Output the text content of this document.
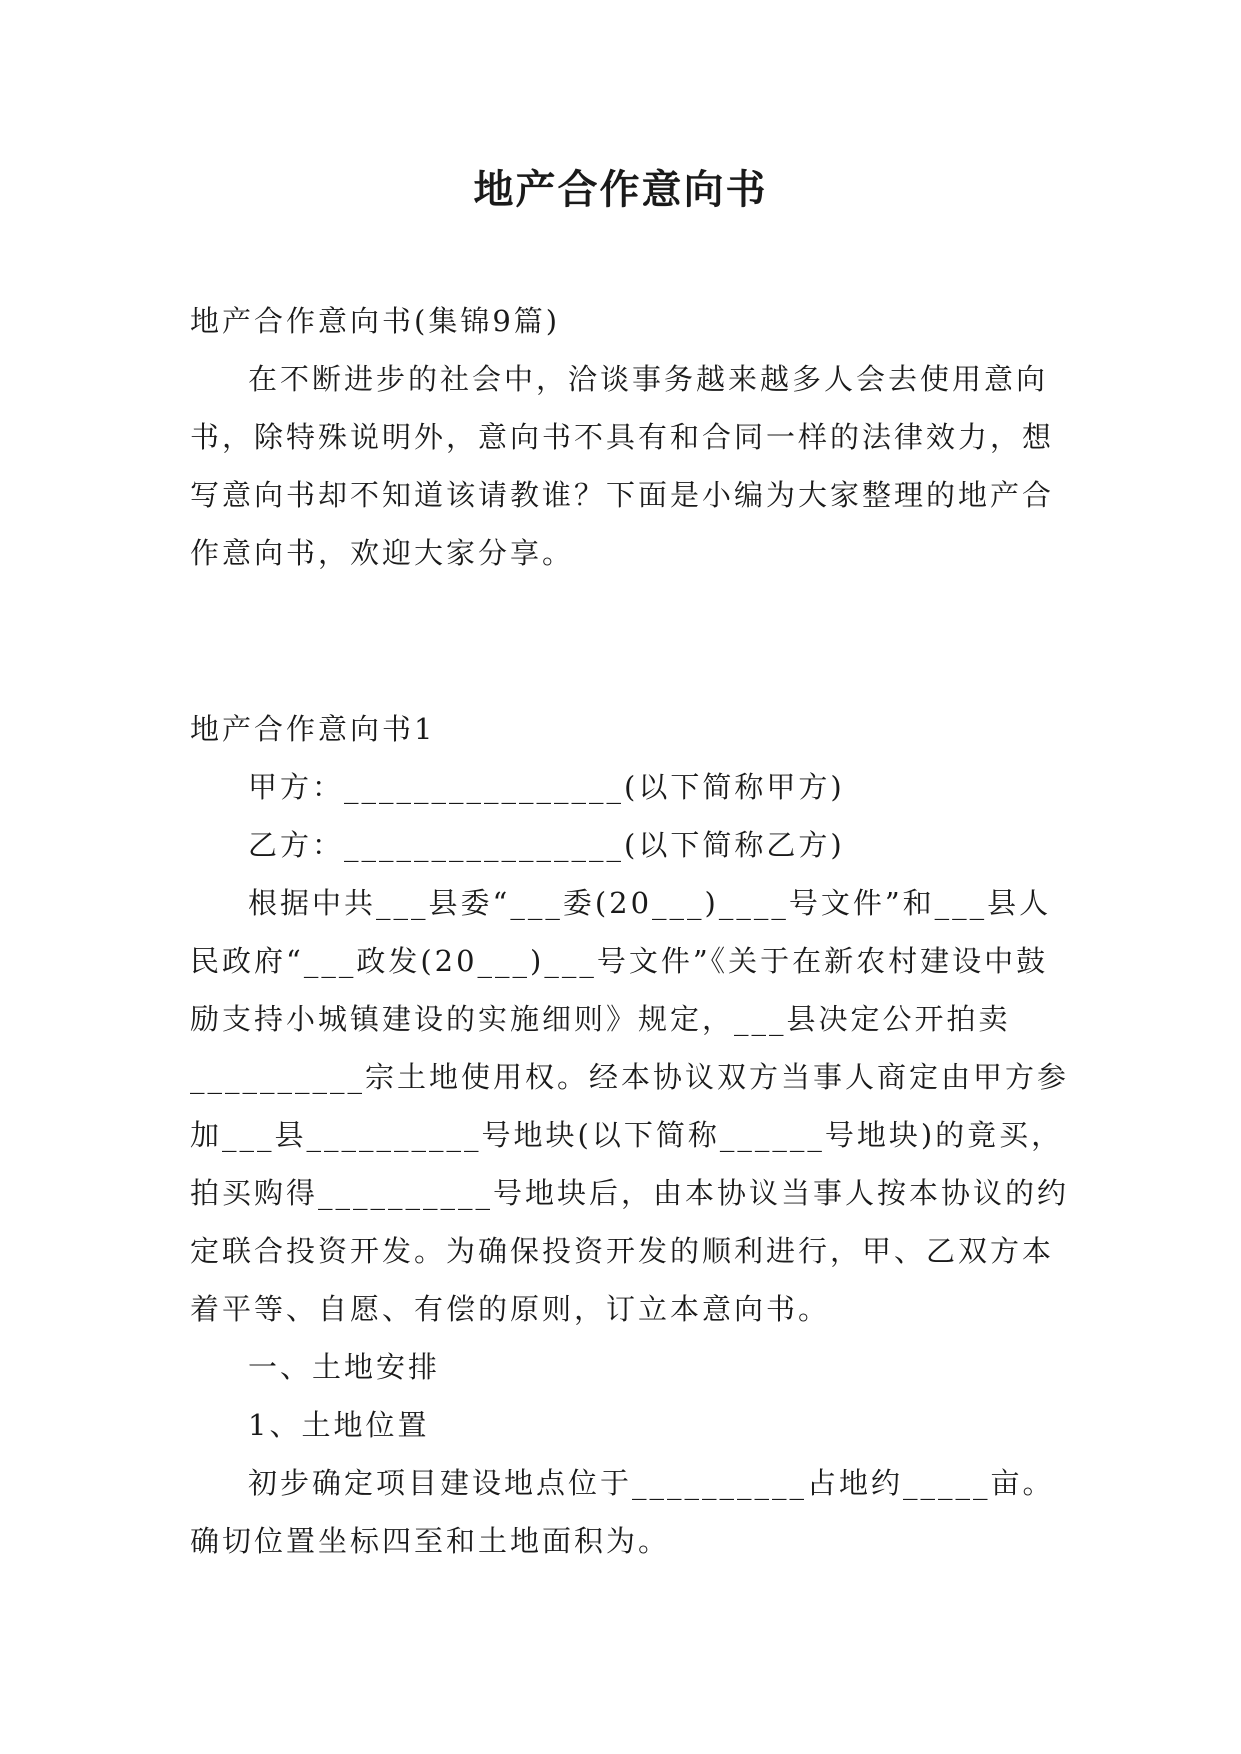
地产合作意向书

地产合作意向书(集锦9篇)

在不断进步的社会中，洽谈事务越来越多人会去使用意向书，除特殊说明外，意向书不具有和合同一样的法律效力，想写意向书却不知道该请教谁？下面是小编为大家整理的地产合作意向书，欢迎大家分享。

地产合作意向书1

甲方：________________(以下简称甲方)

乙方：________________(以下简称乙方)

根据中共___县委“___委(20___)____号文件”和___县人民政府“___政发(20___)___号文件”《关于在新农村建设中鼓励支持小城镇建设的实施细则》规定，___县决定公开拍卖__________宗土地使用权。经本协议双方当事人商定由甲方参加___县__________号地块(以下简称______号地块)的竟买，拍买购得__________号地块后，由本协议当事人按本协议的约定联合投资开发。为确保投资开发的顺利进行，甲、乙双方本着平等、自愿、有偿的原则，订立本意向书。

一、土地安排

1、土地位置

初步确定项目建设地点位于__________占地约_____亩。确切位置坐标四至和土地面积为。
